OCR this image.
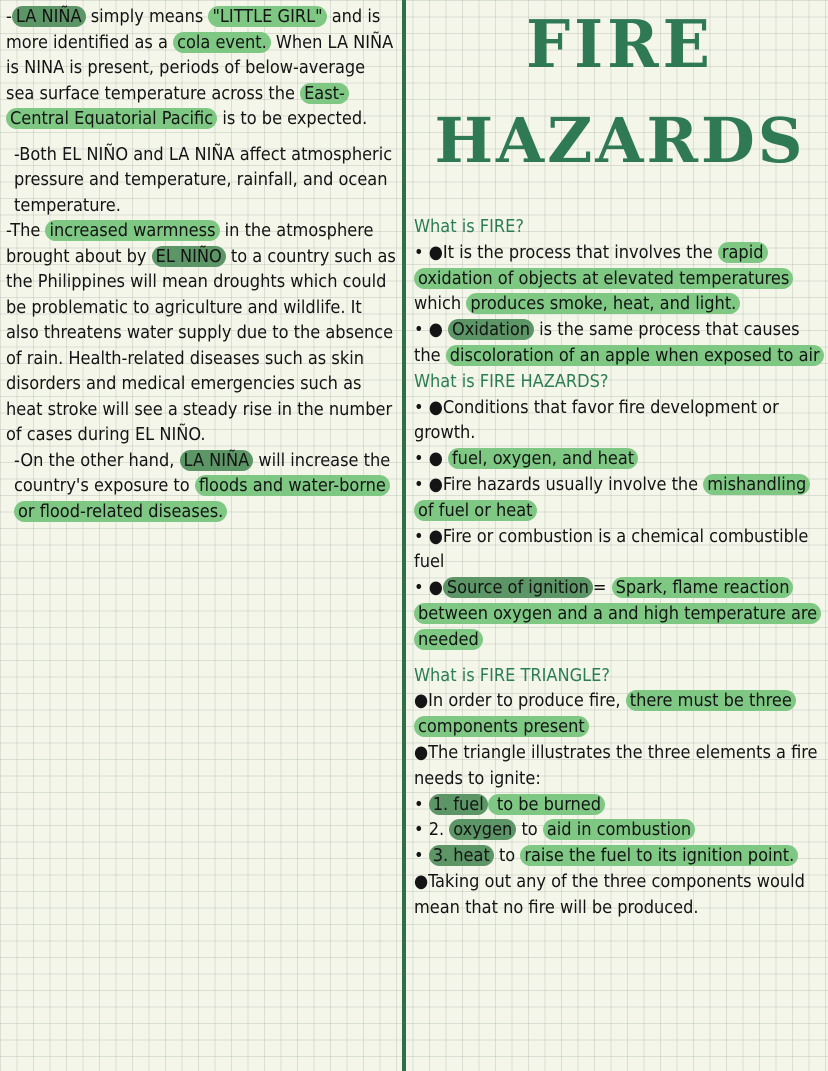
FIRE
HAZARDS

- LA NIÑA simply means "LITTLE GIRL" and is more identified as a cola event. When LA NIÑA is NINA is present, periods of below-average sea surface temperature across the East-Central Equatorial Pacific is to be expected.

-Both EL NIÑO and LA NIÑA affect atmospheric pressure and temperature, rainfall, and ocean temperature.

-The increased warmness in the atmosphere brought about by EL NIÑO to a country such as the Philippines will mean droughts which could be problematic to agriculture and wildlife. It also threatens water supply due to the absence of rain. Health-related diseases such as skin disorders and medical emergencies such as heat stroke will see a steady rise in the number of cases during EL NIÑO.

-On the other hand, LA NIÑA will increase the country's exposure to floods and water-borne or flood-related diseases.

What is FIRE?

• ●It is the process that involves the rapid oxidation of objects at elevated temperatures which produces smoke, heat, and light.

• ● Oxidation is the same process that causes the discoloration of an apple when exposed to air

What is FIRE HAZARDS?

• ●Conditions that favor fire development or growth.

• ● fuel, oxygen, and heat

• ●Fire hazards usually involve the mishandling of fuel or heat

• ●Fire or combustion is a chemical combustible fuel

• ● Source of ignition = Spark, flame reaction between oxygen and a and high temperature are needed

What is FIRE TRIANGLE?

●In order to produce fire, there must be three components present

●The triangle illustrates the three elements a fire needs to ignite:

• 1. fuel to be burned

• 2. oxygen to aid in combustion

• 3. heat to raise the fuel to its ignition point.

●Taking out any of the three components would mean that no fire will be produced.
